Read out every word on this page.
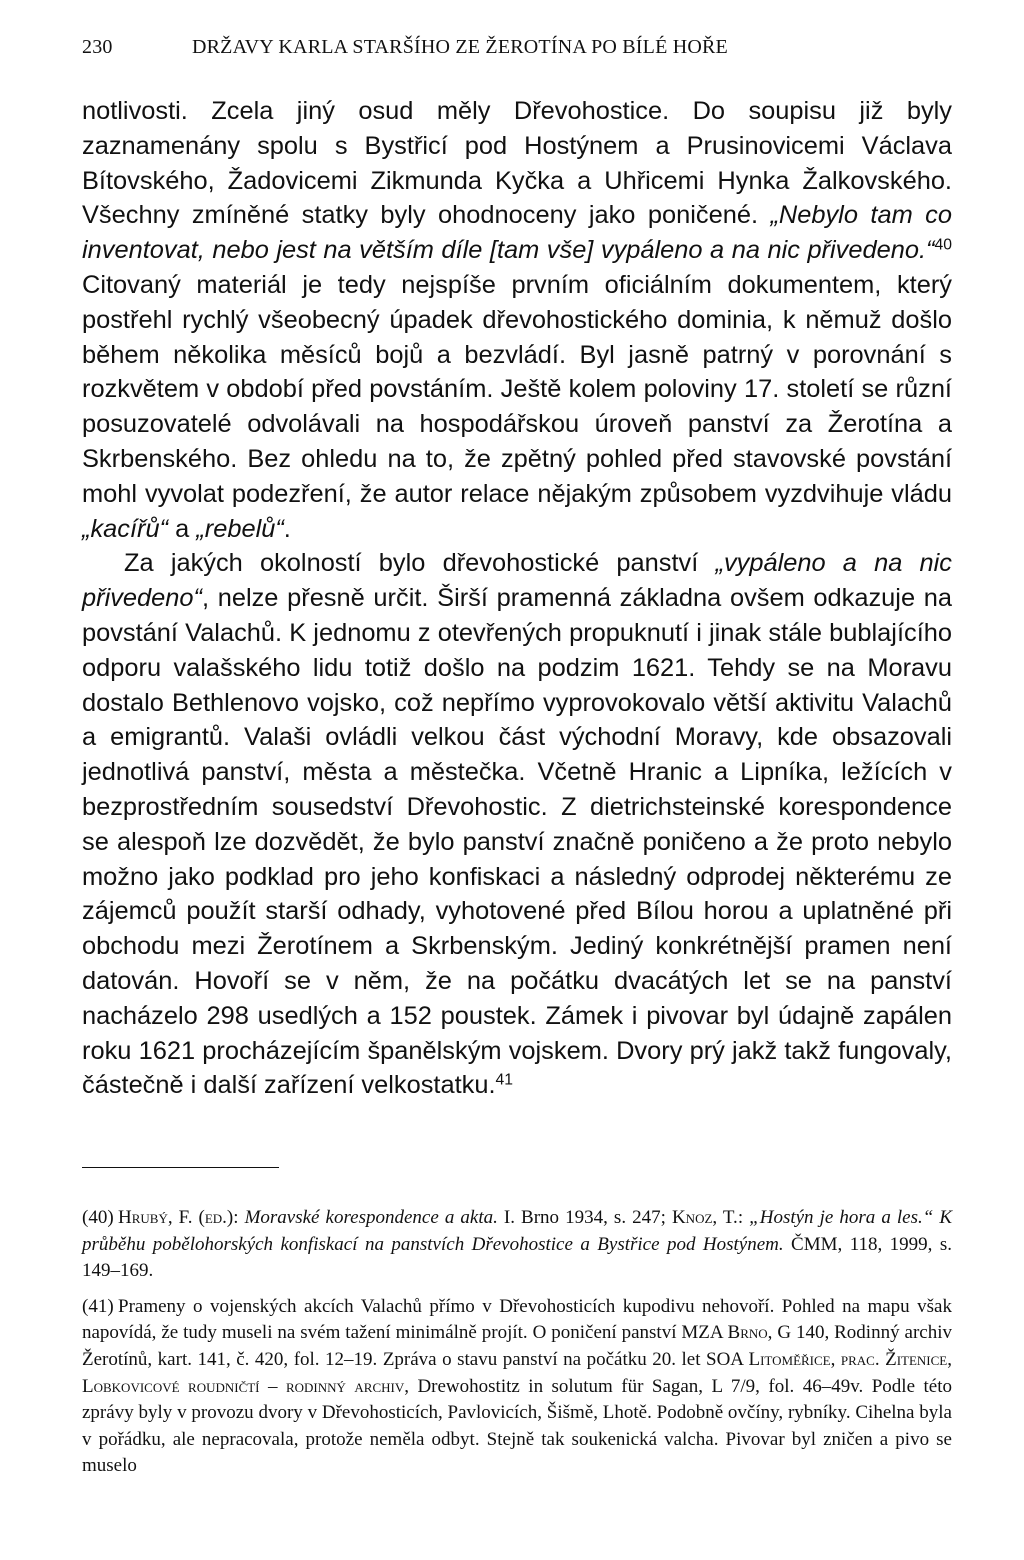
230	DRŽAVY KARLA STARŠÍHO ZE ŽEROTÍNA PO BÍLÉ HOŘE

notlivosti. Zcela jiný osud měly Dřevohostice. Do soupisu již byly zaznamenány spolu s Bystřicí pod Hostýnem a Prusinovicemi Václava Bítovského, Žadovicemi Zikmunda Kyčka a Uhřicemi Hynka Žalkovského. Všechny zmíněné statky byly ohodnoceny jako poničené. „Nebylo tam co inventovat, nebo jest na větším díle [tam vše] vypáleno a na nic přivedeno.“$^{40}$ Citovaný materiál je tedy nejspíše prvním oficiálním dokumentem, který postřehl rychlý všeobecný úpadek dřevohostického dominia, k němuž došlo během několika měsíců bojů a bezvládí. Byl jasně patrný v porovnání s rozkvětem v období před povstáním. Ještě kolem poloviny 17. století se různí posuzovatelé odvolávali na hospodářskou úroveň panství za Žerotína a Skrbenského. Bez ohledu na to, že zpětný pohled před stavovské povstání mohl vyvolat podezření, že autor relace nějakým způsobem vyzdvihuje vládu „kacířů“ a „rebelů“.

Za jakých okolností bylo dřevohostické panství „vypáleno a na nic přivedeno“, nelze přesně určit. Širší pramenná základna ovšem odkazuje na povstání Valachů. K jednomu z otevřených propuknutí i jinak stále bublajícího odporu valašského lidu totiž došlo na podzim 1621. Tehdy se na Moravu dostalo Bethlenovo vojsko, což nepřímo vyprovokovalo větší aktivitu Valachů a emigrantů. Valaši ovládli velkou část východní Moravy, kde obsazovali jednotlivá panství, města a městečka. Včetně Hranic a Lipníka, ležících v bezprostředním sousedství Dřevohostic. Z dietrichsteinské korespondence se alespoň lze dozvědět, že bylo panství značně poničeno a že proto nebylo možno jako podklad pro jeho konfiskaci a následný odprodej některému ze zájemců použít starší odhady, vyhotovené před Bílou horou a uplatněné při obchodu mezi Žerotínem a Skrbenským. Jediný konkrétnější pramen není datován. Hovoří se v něm, že na počátku dvacátých let se na panství nacházelo 298 usedlých a 152 poustek. Zámek i pivovar byl údajně zapálen roku 1621 procházejícím španělským vojskem. Dvory prý jakž takž fungovaly, částečně i další zařízení velkostatku.$^{41}$

(40) Hrubý, F. (ed.): Moravské korespondence a akta. I. Brno 1934, s. 247; Knoz, T.: „Hostýn je hora a les.“ K průběhu pobělohorských konfiskací na panstvích Dřevohostice a Bystřice pod Hostýnem. ČMM, 118, 1999, s. 149–169.

(41) Prameny o vojenských akcích Valachů přímo v Dřevohosticích kupodivu nehovoří. Pohled na mapu však napovídá, že tudy museli na svém tažení minimálně projít. O poničení panství MZA Brno, G 140, Rodinný archiv Žerotínů, kart. 141, č. 420, fol. 12–19. Zpráva o stavu panství na počátku 20. let SOA Litoměřice, prac. Žitenice, Lobkovicové roudničtí – rodinný archiv, Drewohostitz in solutum für Sagan, L 7/9, fol. 46–49v. Podle této zprávy byly v provozu dvory v Dřevohosticích, Pavlovicích, Šišmě, Lhotě. Podobně ovčíny, rybníky. Cihelna byla v pořádku, ale nepracovala, protože neměla odbyt. Stejně tak soukenická valcha. Pivovar byl zničen a pivo se muselo
